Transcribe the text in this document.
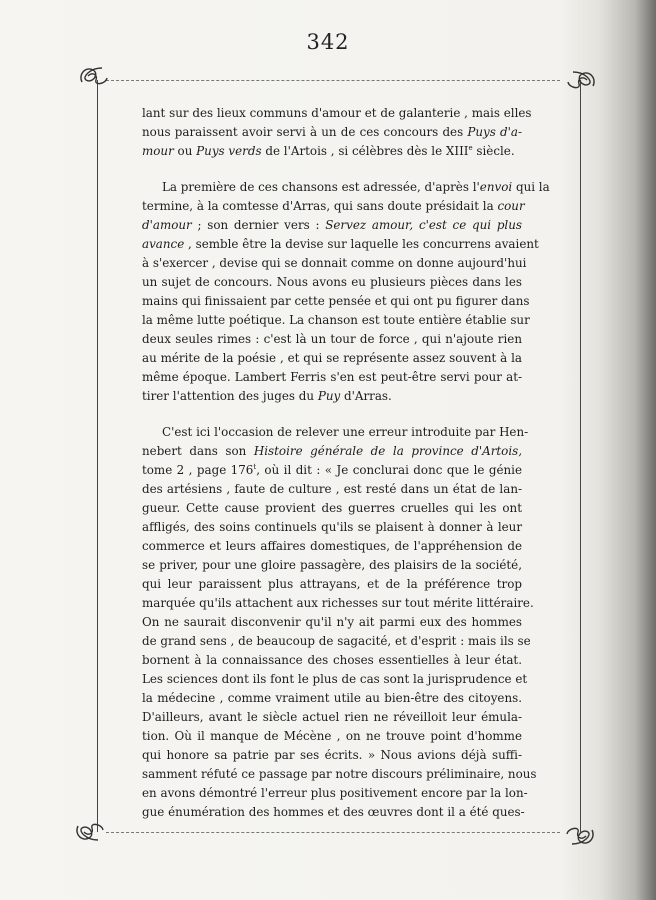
342

lant sur des lieux communs d'amour et de galanterie , mais elles
nous paraissent avoir servi à un de ces concours des Puys d'a-
mour ou Puys verds de l'Artois , si célèbres dès le XIIIe siècle.

La première de ces chansons est adressée, d'après l'envoi qui la
termine, à la comtesse d'Arras, qui sans doute présidait la cour
d'amour ; son dernier vers : Servez amour, c'est ce qui plus
avance , semble être la devise sur laquelle les concurrens avaient
à s'exercer , devise qui se donnait comme on donne aujourd'hui
un sujet de concours. Nous avons eu plusieurs pièces dans les
mains qui finissaient par cette pensée et qui ont pu figurer dans
la même lutte poétique. La chanson est toute entière établie sur
deux seules rimes : c'est là un tour de force , qui n'ajoute rien
au mérite de la poésie , et qui se représente assez souvent à la
même époque. Lambert Ferris s'en est peut-être servi pour at-
tirer l'attention des juges du Puy d'Arras.

C'est ici l'occasion de relever une erreur introduite par Hen-
nebert dans son Histoire générale de la province d'Artois,
tome 2 , page 176$^t$, où il dit : « Je conclurai donc que le génie
des artésiens , faute de culture , est resté dans un état de lan-
gueur. Cette cause provient des guerres cruelles qui les ont
affligés, des soins continuels qu'ils se plaisent à donner à leur
commerce et leurs affaires domestiques, de l'appréhension de
se priver, pour une gloire passagère, des plaisirs de la société,
qui leur paraissent plus attrayans, et de la préférence trop
marquée qu'ils attachent aux richesses sur tout mérite littéraire.
On ne saurait disconvenir qu'il n'y ait parmi eux des hommes
de grand sens , de beaucoup de sagacité, et d'esprit : mais ils se
bornent à la connaissance des choses essentielles à leur état.
Les sciences dont ils font le plus de cas sont la jurisprudence et
la médecine , comme vraiment utile au bien-être des citoyens.
D'ailleurs, avant le siècle actuel rien ne réveilloit leur émula-
tion. Où il manque de Mécène , on ne trouve point d'homme
qui honore sa patrie par ses écrits. » Nous avions déjà suffi-
samment réfuté ce passage par notre discours préliminaire, nous
en avons démontré l'erreur plus positivement encore par la lon-
gue énumération des hommes et des œuvres dont il a été ques-
